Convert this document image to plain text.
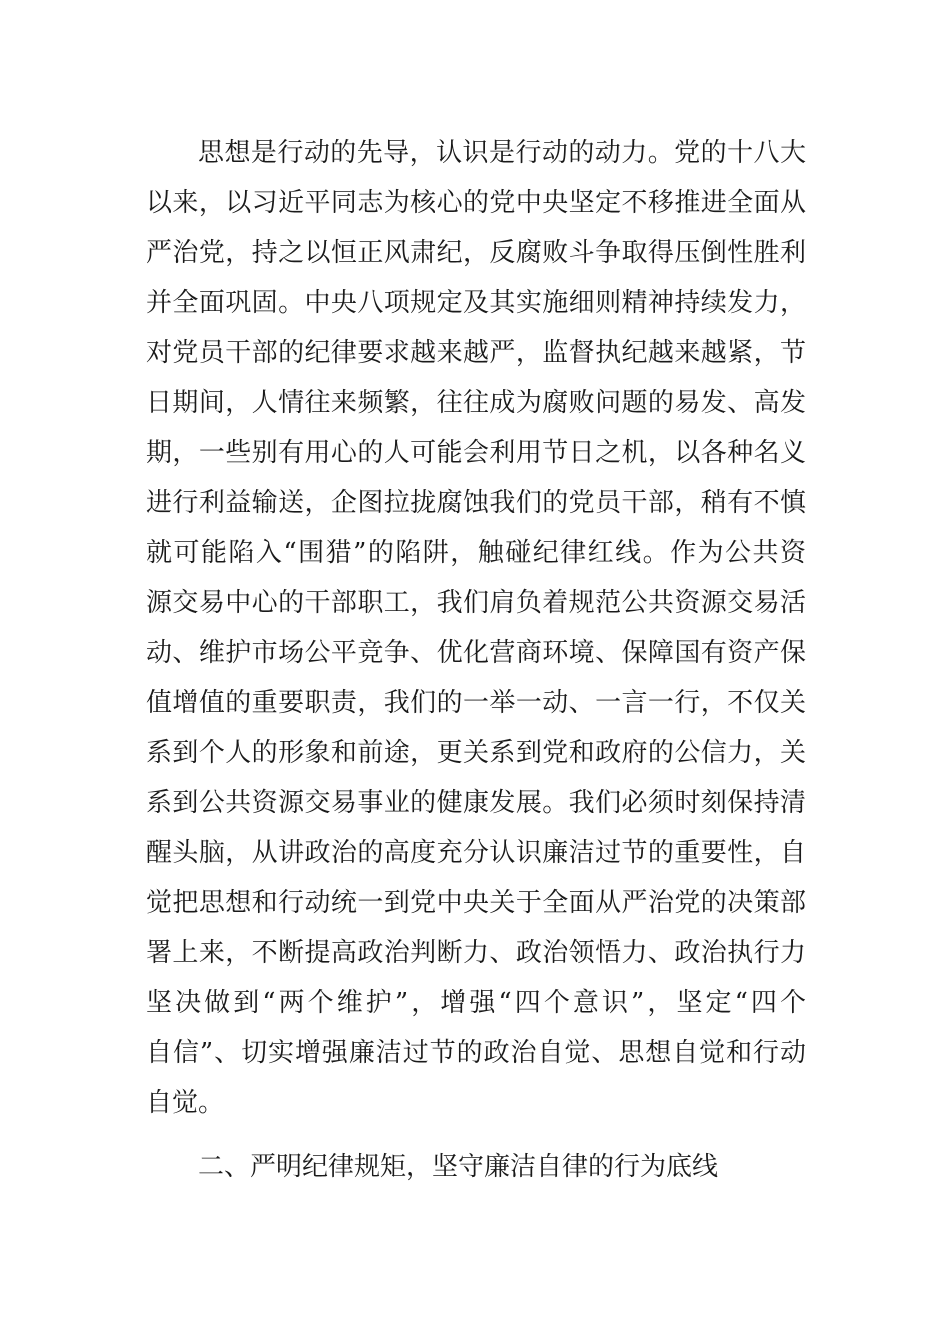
思想是行动的先导，认识是行动的动力。党的十八大
以来，以习近平同志为核心的党中央坚定不移推进全面从
严治党，持之以恒正风肃纪，反腐败斗争取得压倒性胜利
并全面巩固。中央八项规定及其实施细则精神持续发力，
对党员干部的纪律要求越来越严，监督执纪越来越紧，节
日期间，人情往来频繁，往往成为腐败问题的易发、高发
期，一些别有用心的人可能会利用节日之机，以各种名义
进行利益输送，企图拉拢腐蚀我们的党员干部，稍有不慎
就可能陷入“围猎”的陷阱，触碰纪律红线。作为公共资
源交易中心的干部职工，我们肩负着规范公共资源交易活
动、维护市场公平竞争、优化营商环境、保障国有资产保
值增值的重要职责，我们的一举一动、一言一行，不仅关
系到个人的形象和前途，更关系到党和政府的公信力，关
系到公共资源交易事业的健康发展。我们必须时刻保持清
醒头脑，从讲政治的高度充分认识廉洁过节的重要性，自
觉把思想和行动统一到党中央关于全面从严治党的决策部
署上来，不断提高政治判断力、政治领悟力、政治执行力
坚决做到“两个维护”，增强“四个意识”，坚定“四个
自信”、切实增强廉洁过节的政治自觉、思想自觉和行动
自觉。
二、严明纪律规矩，坚守廉洁自律的行为底线
